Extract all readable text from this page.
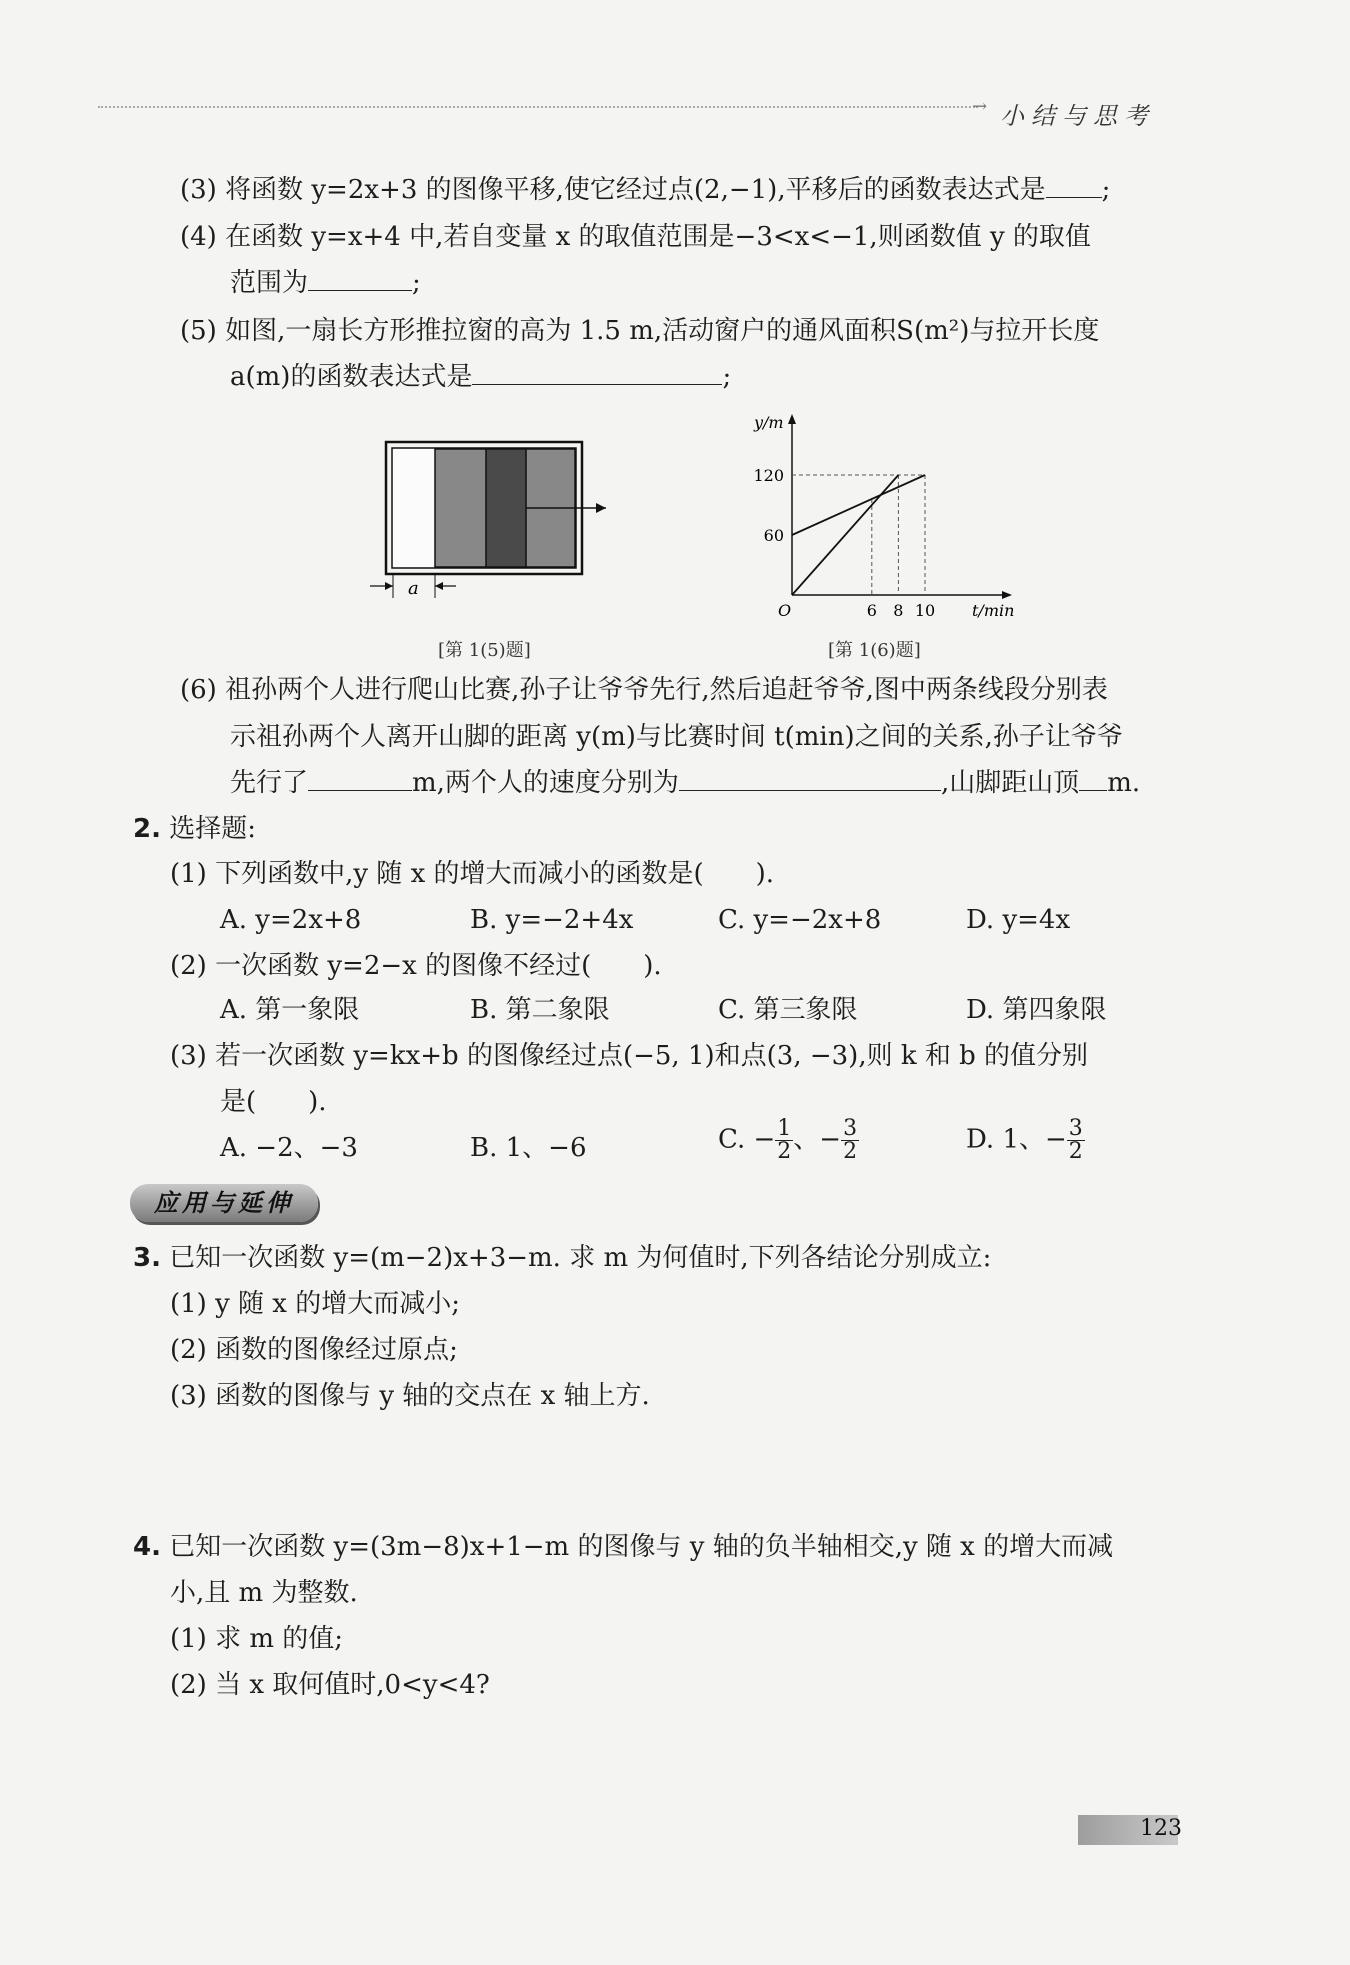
→ 小结与思考
(3) 将函数 y=2x+3 的图像平移,使它经过点(2,−1),平移后的函数表达式是 ;
(4) 在函数 y=x+4 中,若自变量 x 的取值范围是−3<x<−1,则函数值 y 的取值
范围为	;
(5) 如图,一扇长方形推拉窗的高为 1.5 m,活动窗户的通风面积S(m²)与拉开长度
a(m)的函数表达式是	;
a
[第 1(5)题]
y/m
t/min
O
60
120
6 8 10
[第 1(6)题]
(6) 祖孙两个人进行爬山比赛,孙子让爷爷先行,然后追赶爷爷,图中两条线段分别表
示祖孙两个人离开山脚的距离 y(m)与比赛时间 t(min)之间的关系,孙子让爷爷
先行了	m,两个人的速度分别为	,山脚距山顶 m.
2. 选择题:
(1) 下列函数中,y 随 x 的增大而减小的函数是( ).
A. y=2x+8	B. y=−2+4x	C. y=−2x+8	D. y=4x
(2) 一次函数 y=2−x 的图像不经过( ).
A. 第一象限	B. 第二象限	C. 第三象限	D. 第四象限
(3) 若一次函数 y=kx+b 的图像经过点(−5, 1)和点(3, −3),则 k 和 b 的值分别
是( ).
A. −2、−3	B. 1、−6	C. − $\frac{1}{2}$ 、− $\frac{3}{2}$	D. 1、− $\frac{3}{2}$
应用与延伸
3. 已知一次函数 y=(m−2)x+3−m. 求 m 为何值时,下列各结论分别成立:
(1) y 随 x 的增大而减小;
(2) 函数的图像经过原点;
(3) 函数的图像与 y 轴的交点在 x 轴上方.
4. 已知一次函数 y=(3m−8)x+1−m 的图像与 y 轴的负半轴相交,y 随 x 的增大而减
小,且 m 为整数.
(1) 求 m 的值;
(2) 当 x 取何值时,0<y<4?
123
